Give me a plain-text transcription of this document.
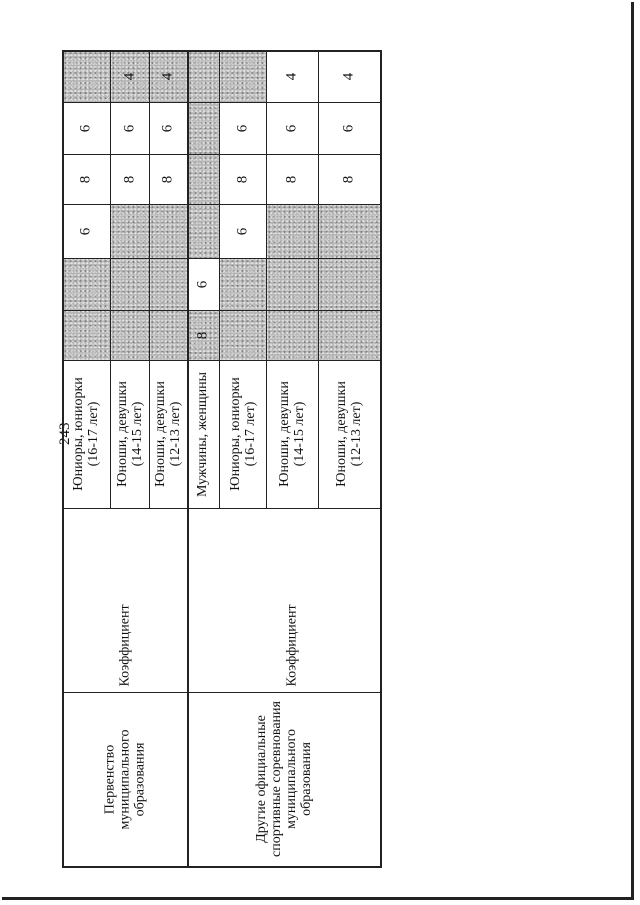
243
Первенство
муниципального
образования
Коэффициент
Юниоры, юниорки
(16-17 лет)
Юноши, девушки
(14-15 лет)
Юноши, девушки
(12-13 лет)
6
8
6
8
6
4
8
6
4
Другие официальные
спортивные соревнования
муниципального
образования
Коэффициент
Мужчины, женщины Юниоры, юниорки
(16-17 лет)
Юноши, девушки
(14-15 лет)
Юноши, девушки
(12-13 лет)
8
6
6
8
6
8
6
4
8
6
4
